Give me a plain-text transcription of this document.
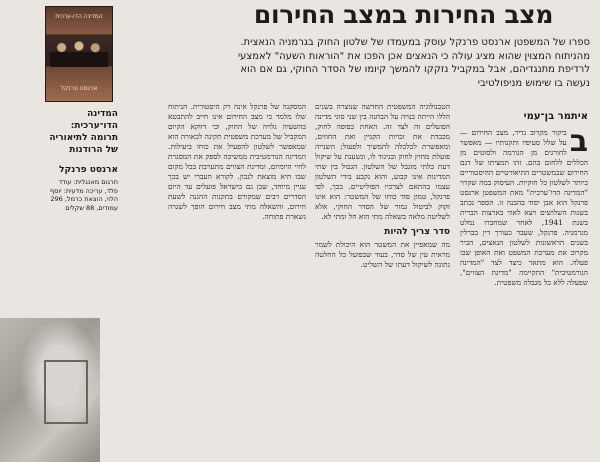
מצב החירות במצב החירום
ספרו של המשפטן ארנסט פרנקל עוסק במעמדו של שלטון החוק בגרמניה הנאצית. מהניתוח המצוין שהוא מציג עולה כי הנאצים אכן הפכו את "הוראות השעה" לאמצעי לרדיפת מתנגדיהם, אבל במקביל נזקקו להמשך קיומו של הסדר החוקי, גם אם הוא נעשה בו שימוש מניפולטיבי
המדינה הדו-ערכית
ארנסט פרנקל
המדינה הדו־ערכית: תרומה לתיאוריה של הרודנות
ארנסט פרנקל
תרגום מאנגלית: עודד פלד, עריכה מדעית: יוסף הלוי, הוצאת כרמל, 296 עמודים, 88 שקלים
איתמר בן־עמי

ב
ביקור מקרוב נדיר, מצב החירום — על שלל סעיפיו ותקנותיו — מאפשר לחורגים מן הנורמה ולסוטים מן הכללים ללחום בהם. זהו תמציתו של דגם החירום שבמשטרים התיאורטיים ההיסטוריים ביותר לשלטון כל חוקיות. העיסוק במה שקרוי "המדינה הדו־ערכית" מאת המשפטן ארנסט פרנקל הוא אבן יסוד בהבנה זו. הספר נכתב בשנות השלושים ויצא לאור בארצות הברית בשנת 1941, לאחר שמחברו נמלט מגרמניה. פרנקל, שעבד כעורך דין בברלין בשנים הראשונות לשלטון הנאצים, הכיר מקרוב את מערכת המשפט ואת האופן שבו פעלה. הוא מתאר כיצד לצד "המדינה הנורמטיבית" התקיימה "מדינת הצווים", שפעלה ללא כל מגבלה משפטית.

הטכנולוגיה המשפטית החדשה שנוצרה בשנים הללו הייתה בנויה על הבחנה בין שני סוגי מדינה הפועלים זה לצד זה. האחת כפופה לחוק, מכבדת את זכויות הקניין ואת החוזים, ומאפשרת לכלכלה להמשיך ולפעול; השנייה פועלת מחוץ לחוק ובניגוד לו, ונשענת על שיקול דעת בלתי מוגבל של השלטון. הגבול בין שתי המדינות אינו קבוע, והוא נקבע בידי השלטון עצמו בהתאם לצרכיו הפוליטיים. בכך, לפי פרנקל, טמון סוד כוחו של המשטר: הוא אינו זקוק לביטול גמור של הסדר החוקי, אלא לשליטה מלאה בשאלה מתי הוא חל ומתי לא.

סדר צריך להיות

מה שמאפיין את המשטר הוא היכולת לשמר מראית עין של סדר, בעוד שבפועל כל החלטה נתונה לשיקול דעתו של השליט.

המסקנה של פרנקל אינה רק היסטורית. הניתוח שלו מלמד כי מצב החירום אינו חייב להתבטא בהשעיה גלויה של החוק, וכי דווקא הקיום המקביל של מערכת משפטית תקינה לכאורה הוא שמאפשר לשלטון להפעיל את כוחו ביעילות. המדינה הנורמטיבית ממשיכה לספק את המסגרת לחיי היומיום, ומדינת הצווים מתערבת בכל מקום שבו היא מוצאת לנכון. לקורא העברי יש בכך עניין מיוחד, שכן גם בישראל פועלים עד היום הסדרים רבים שמקורם בתקנות ההגנה לשעת חירום, והשאלה מתי מצב חירום הופך לשגרה נשארת פתוחה.
